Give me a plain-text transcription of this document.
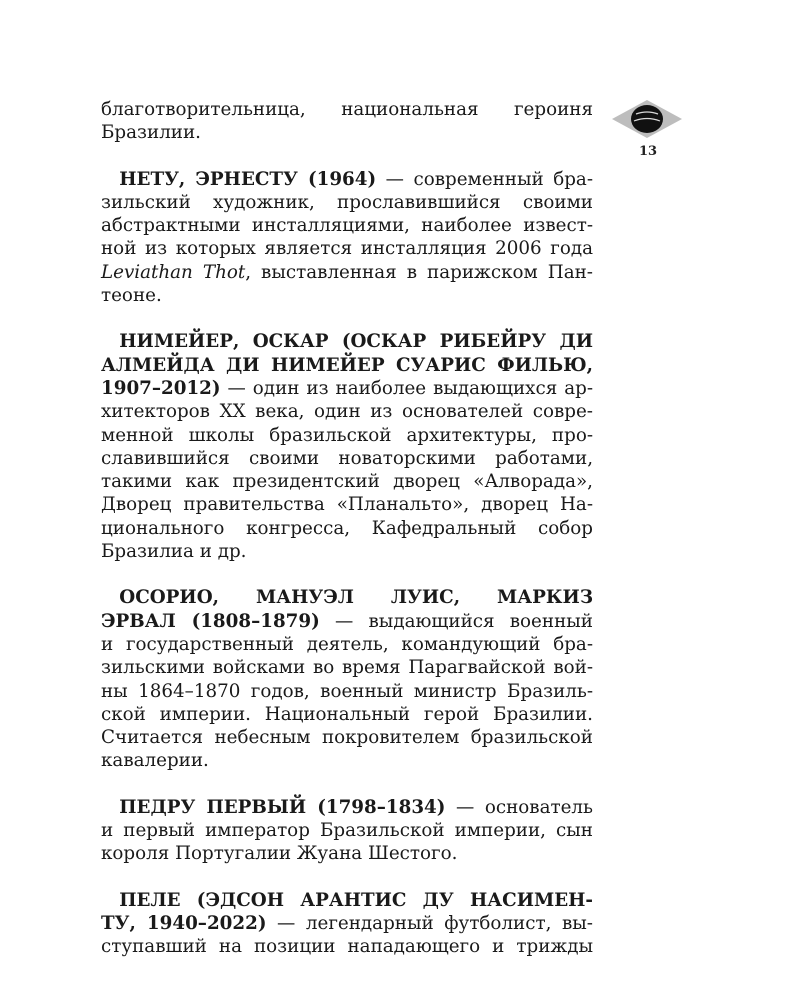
13
благотворительница, национальная героиня
Бразилии.
 НЕТУ, ЭРНЕСТУ (1964) — современный бра-
зильский художник, прославившийся своими
абстрактными инсталляциями, наиболее извест-
ной из которых является инсталляция 2006 года
Leviathan Thot, выставленная в парижском Пан-
теоне.
 НИМЕЙЕР, ОСКАР (ОСКАР РИБЕЙРУ ДИ
АЛМЕЙДА ДИ НИМЕЙЕР СУАРИС ФИЛЬЮ,
1907–2012) — один из наиболее выдающихся ар-
хитекторов XX века, один из основателей совре-
менной школы бразильской архитектуры, про-
славившийся своими новаторскими работами,
такими как президентский дворец «Алворада»,
Дворец правительства «Планальто», дворец На-
ционального конгресса, Кафедральный собор
Бразилиа и др.
 ОСОРИО, МАНУЭЛ ЛУИС, МАРКИЗ
ЭРВАЛ (1808–1879) — выдающийся военный
и государственный деятель, командующий бра-
зильскими войсками во время Парагвайской вой-
ны 1864–1870 годов, военный министр Бразиль-
ской империи. Национальный герой Бразилии.
Считается небесным покровителем бразильской
кавалерии.
 ПЕДРУ ПЕРВЫЙ (1798–1834) — основатель
и первый император Бразильской империи, сын
короля Португалии Жуана Шестого.
 ПЕЛЕ (ЭДСОН АРАНТИС ДУ НАСИМЕН-
ТУ, 1940–2022) — легендарный футболист, вы-
ступавший на позиции нападающего и трижды
